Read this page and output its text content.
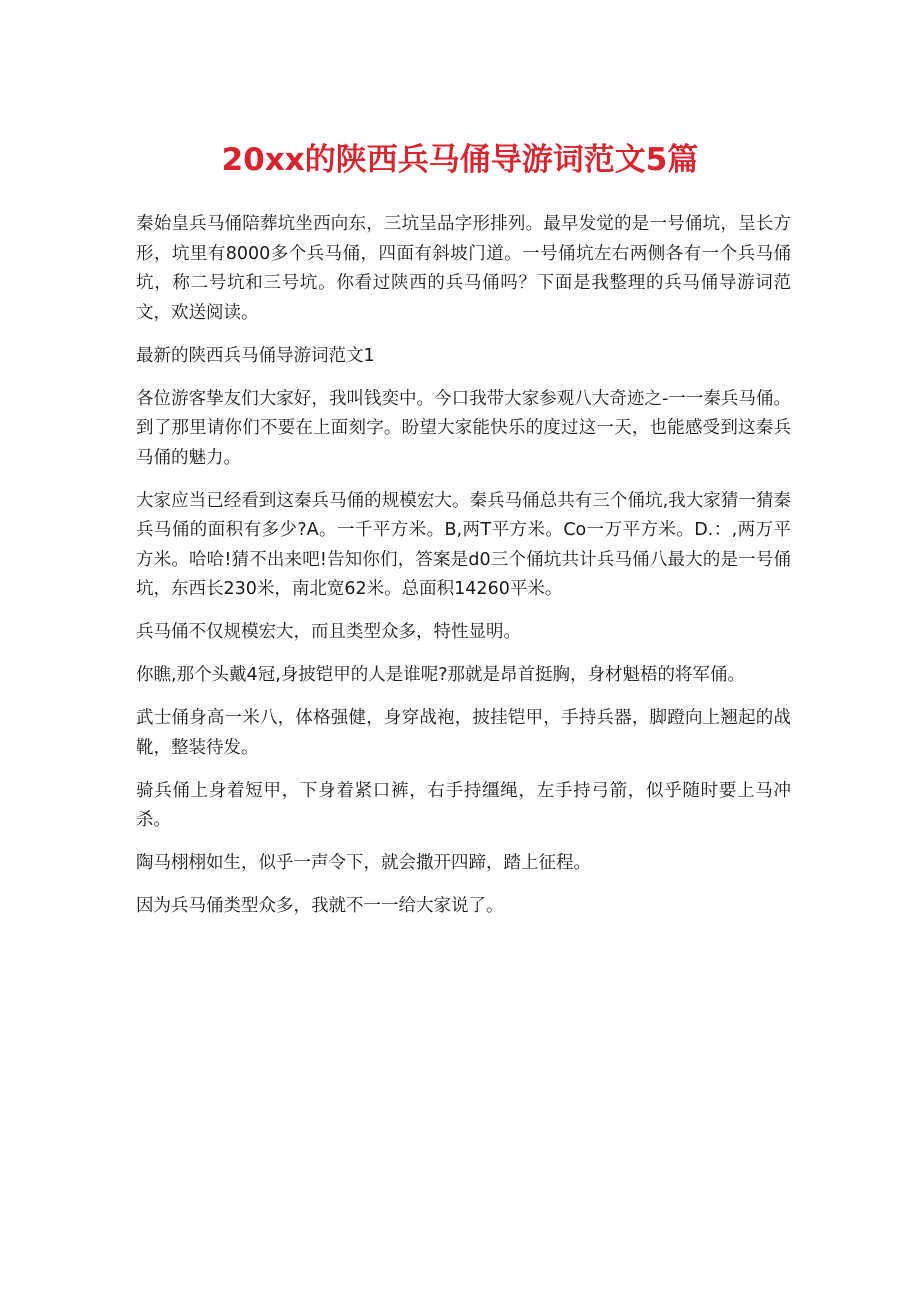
20xx的陕西兵马俑导游词范文5篇

秦始皇兵马俑陪葬坑坐西向东，三坑呈品字形排列。最早发觉的是一号俑坑，呈长方形，坑里有8000多个兵马俑，四面有斜坡门道。一号俑坑左右两侧各有一个兵马俑坑，称二号坑和三号坑。你看过陕西的兵马俑吗？下面是我整理的兵马俑导游词范文，欢送阅读。

最新的陕西兵马俑导游词范文1

各位游客挚友们大家好，我叫钱奕中。今口我带大家参观八大奇迹之-一一秦兵马俑。到了那里请你们不要在上面刻字。盼望大家能快乐的度过这一天，也能感受到这秦兵马俑的魅力。

大家应当已经看到这秦兵马俑的规模宏大。秦兵马俑总共有三个俑坑,我大家猜一猜秦兵马俑的面积有多少?A。一千平方米。B,两T平方米。Co一万平方米。D.：,两万平方米。哈哈!猜不出来吧!告知你们，答案是d0三个俑坑共计兵马俑八最大的是一号俑坑，东西长230米，南北宽62米。总面积14260平米。

兵马俑不仅规模宏大，而且类型众多，特性显明。

你瞧,那个头戴4冠,身披铠甲的人是谁呢?那就是昂首挺胸，身材魁梧的将军俑。

武士俑身高一米八，体格强健，身穿战袍，披挂铠甲，手持兵器，脚蹬向上翘起的战靴，整装待发。

骑兵俑上身着短甲，下身着紧口裤，右手持缰绳，左手持弓箭，似乎随时要上马冲杀。

陶马栩栩如生，似乎一声令下，就会撒开四蹄，踏上征程。

因为兵马俑类型众多，我就不一一给大家说了。
